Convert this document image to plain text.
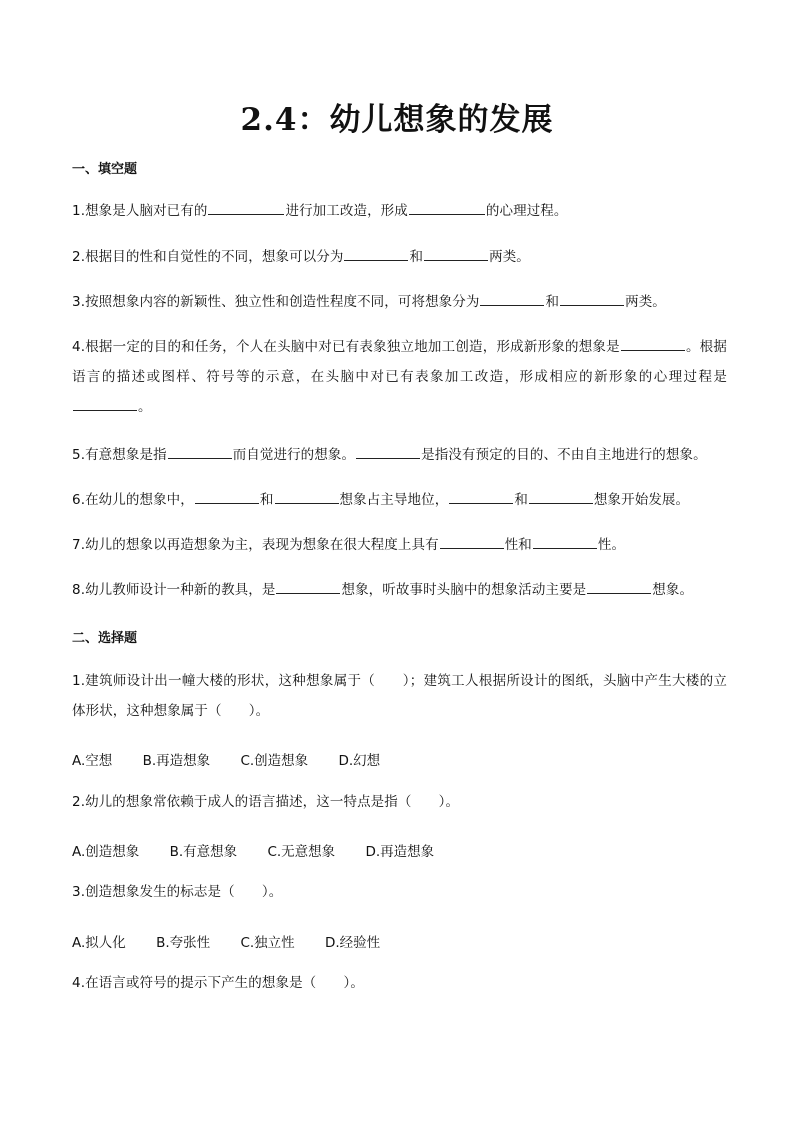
2.4：幼儿想象的发展
一、填空题
1.想象是人脑对已有的	进行加工改造，形成	的心理过程。
2.根据目的性和自觉性的不同，想象可以分为	和	两类。
3.按照想象内容的新颖性、独立性和创造性程度不同，可将想象分为	和	两类。
4.根据一定的目的和任务，个人在头脑中对已有表象独立地加工创造，形成新形象的想象是	。根据语言的描述或图样、符号等的示意，在头脑中对已有表象加工改造，形成相应的新形象的心理过程是。
5.有意想象是指	而自觉进行的想象。	是指没有预定的目的、不由自主地进行的想象。
6.在幼儿的想象中，	和	想象占主导地位，	和	想象开始发展。
7.幼儿的想象以再造想象为主，表现为想象在很大程度上具有	性和	性。
8.幼儿教师设计一种新的教具，是	想象，听故事时头脑中的想象活动主要是	想象。
二、选择题
1.建筑师设计出一幢大楼的形状，这种想象属于（　　）；建筑工人根据所设计的图纸，头脑中产生大楼的立体形状，这种想象属于（　　）。
A.空想 B.再造想象 C.创造想象 D.幻想
2.幼儿的想象常依赖于成人的语言描述，这一特点是指（　　）。
A.创造想象 B.有意想象 C.无意想象 D.再造想象
3.创造想象发生的标志是（　　）。
A.拟人化 B.夸张性 C.独立性 D.经验性
4.在语言或符号的提示下产生的想象是（　　）。
